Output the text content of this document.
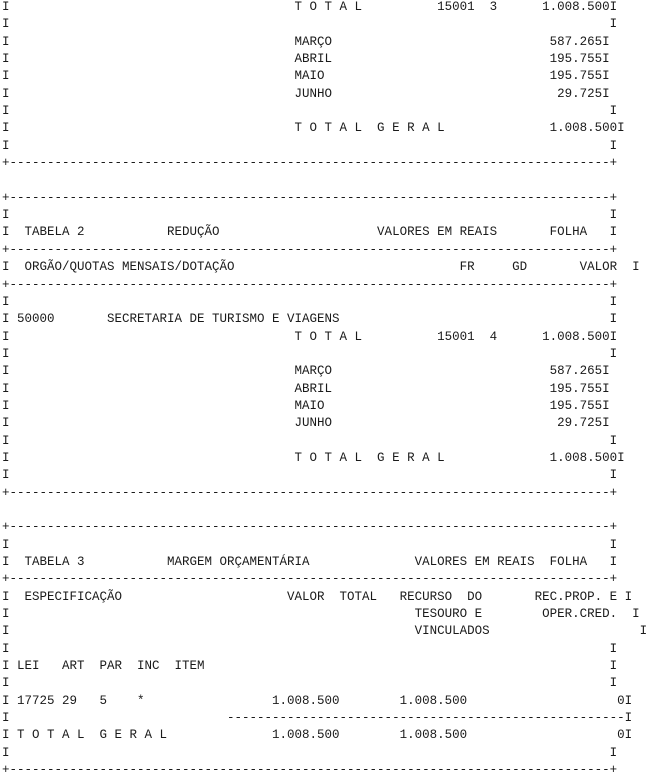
I                                      T O T A L          15001  3      1.008.500I
I                                                                                I
I                                      MARÇO                             587.265I
I                                      ABRIL                             195.755I
I                                      MAIO                              195.755I
I                                      JUNHO                              29.725I
I                                                                                I
I                                      T O T A L  G E R A L              1.008.500I
I                                                                                I
+--------------------------------------------------------------------------------+

+--------------------------------------------------------------------------------+
I                                                                                I
I  TABELA 2           REDUÇÃO                     VALORES EM REAIS       FOLHA   I
+--------------------------------------------------------------------------------+
I  ORGÃO/QUOTAS MENSAIS/DOTAÇÃO                              FR     GD       VALOR  I
+--------------------------------------------------------------------------------+
I                                                                                I
I 50000       SECRETARIA DE TURISMO E VIAGENS                                    I
I                                      T O T A L          15001  4      1.008.500I
I                                                                                I
I                                      MARÇO                             587.265I
I                                      ABRIL                             195.755I
I                                      MAIO                              195.755I
I                                      JUNHO                              29.725I
I                                                                                I
I                                      T O T A L  G E R A L              1.008.500I
I                                                                                I
+--------------------------------------------------------------------------------+

+--------------------------------------------------------------------------------+
I                                                                                I
I  TABELA 3           MARGEM ORÇAMENTÁRIA              VALORES EM REAIS  FOLHA   I
+--------------------------------------------------------------------------------+
I  ESPECIFICAÇÃO                      VALOR  TOTAL   RECURSO  DO       REC.PROP. E I
I                                                      TESOURO E        OPER.CRED.  I
I                                                      VINCULADOS                    I
I                                                                                I
I LEI   ART  PAR  INC  ITEM                                                      I
I                                                                                I
I 17725 29   5    *                 1.008.500        1.008.500                    0I
I                             -----------------------------------------------------I
I T O T A L  G E R A L              1.008.500        1.008.500                    0I
I                                                                                I
+--------------------------------------------------------------------------------+
